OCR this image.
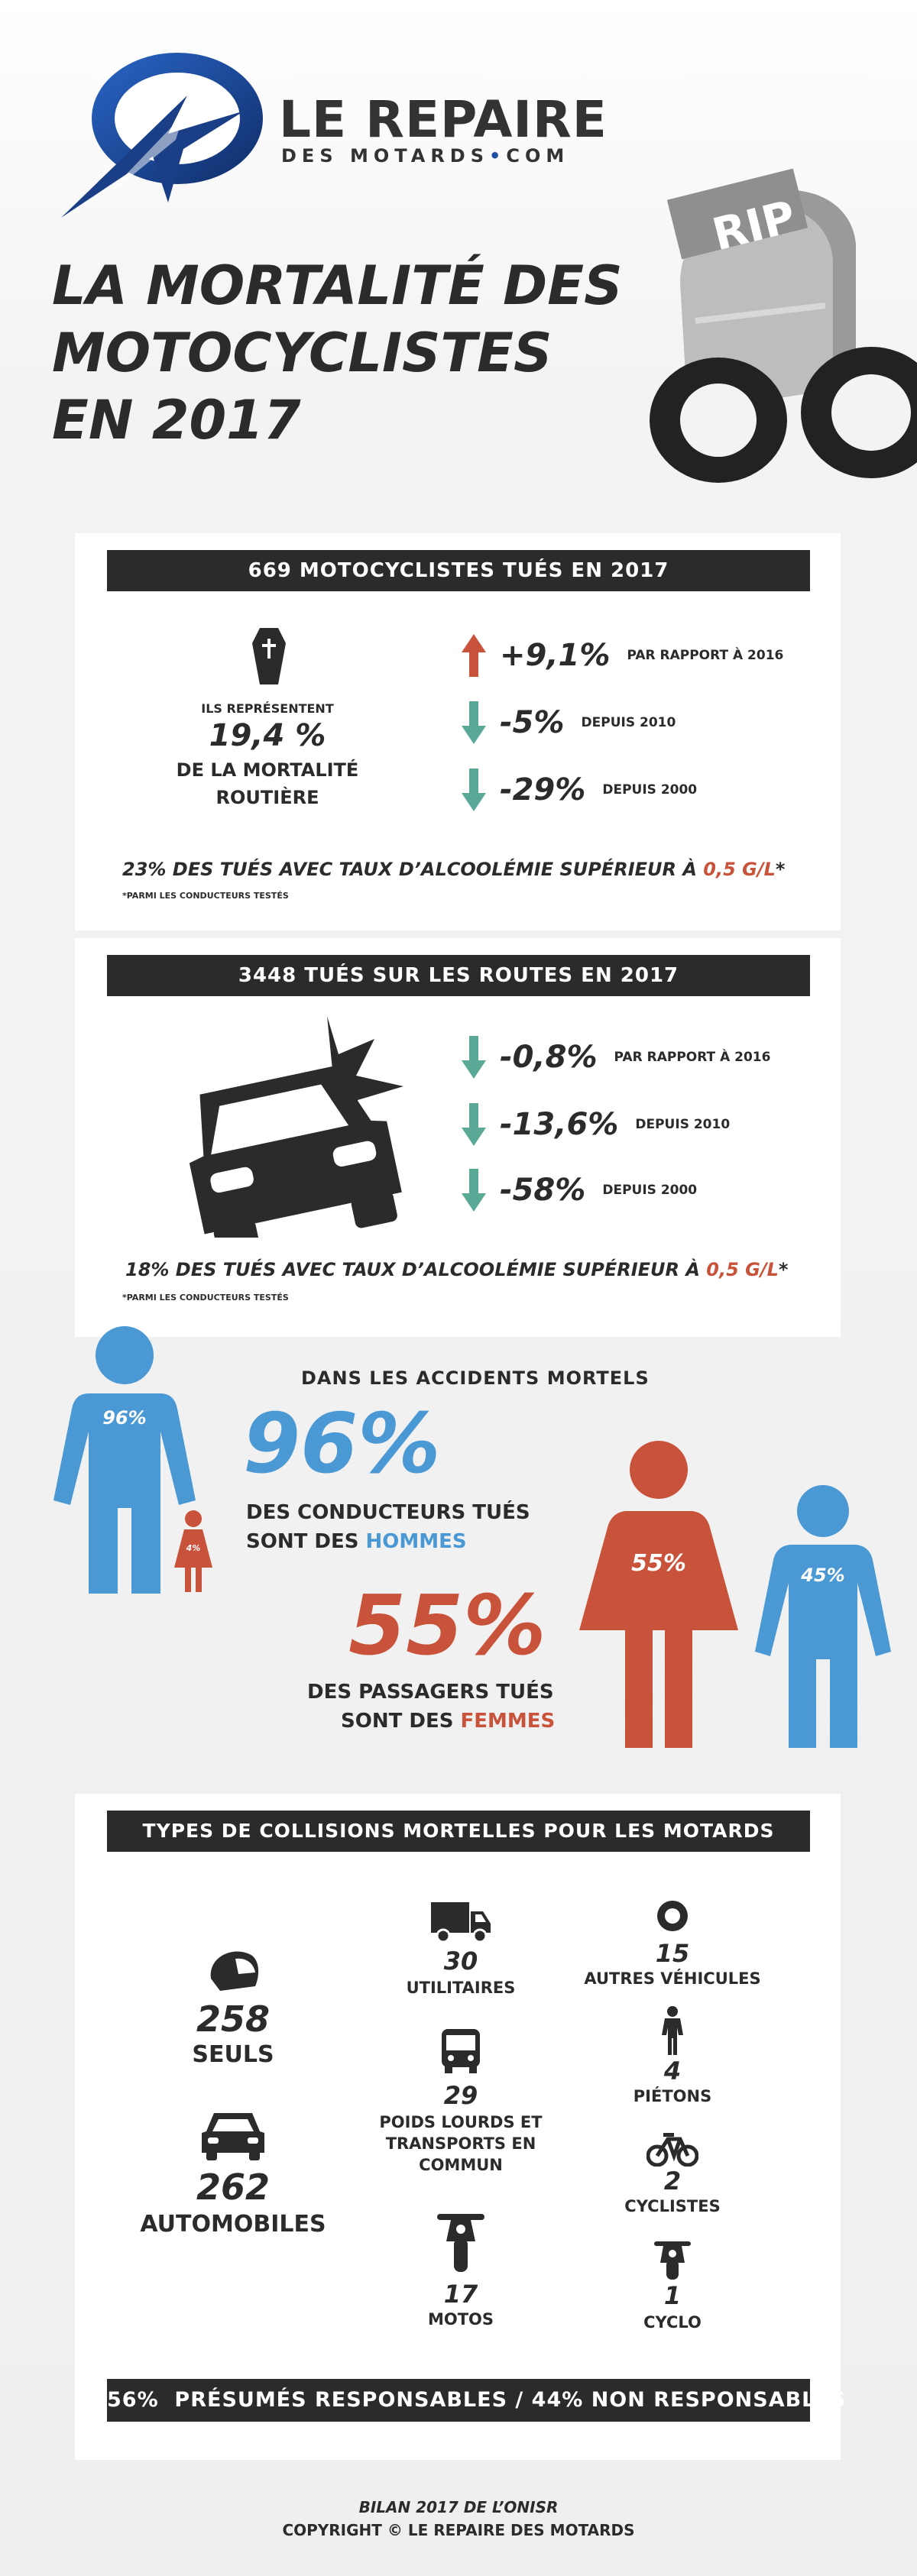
LE REPAIRE
DES MOTARDS•COM
LA MORTALITÉ DES
MOTOCYCLISTES
EN 2017
RIP
669 MOTOCYCLISTES TUÉS EN 2017
ILS REPRÉSENTENT
19,4 %
DE LA MORTALITÉ
ROUTIÈRE
+9,1% PAR RAPPORT À 2016
-5% DEPUIS 2010
-29% DEPUIS 2000
23% DES TUÉS AVEC TAUX D’ALCOOLÉMIE SUPÉRIEUR À 0,5 G/L*
*PARMI LES CONDUCTEURS TESTÉS
3448 TUÉS SUR LES ROUTES EN 2017
-0,8% PAR RAPPORT À 2016
-13,6% DEPUIS 2010
-58% DEPUIS 2000
18% DES TUÉS AVEC TAUX D’ALCOOLÉMIE SUPÉRIEUR À 0,5 G/L*
*PARMI LES CONDUCTEURS TESTÉS
DANS LES ACCIDENTS MORTELS
96%
4%
96%
DES CONDUCTEURS TUÉS
SONT DES HOMMES
55%
DES PASSAGERS TUÉS
SONT DES FEMMES
55%	45%
TYPES DE COLLISIONS MORTELLES POUR LES MOTARDS
258
SEULS
262
AUTOMOBILES
30
UTILITAIRES
29
POIDS LOURDS ET
TRANSPORTS EN
COMMUN
17
MOTOS
15
AUTRES VÉHICULES
4
PIÉTONS
2
CYCLISTES
1
CYCLO
56%  PRÉSUMÉS RESPONSABLES / 44% NON RESPONSABLES
BILAN 2017 DE L’ONISR
COPYRIGHT © LE REPAIRE DES MOTARDS
